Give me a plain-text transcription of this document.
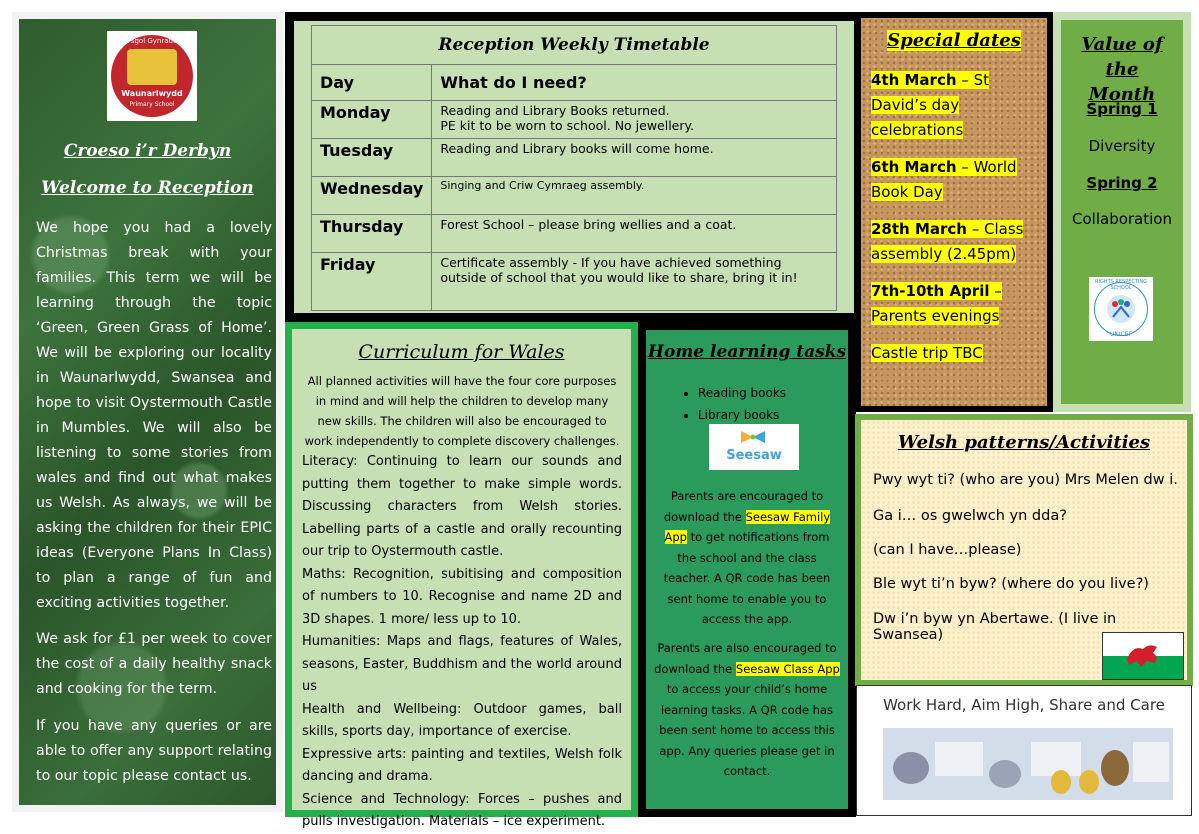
Ysgol Gynradd
Waunarlwydd
Primary School
Croeso i’r Derbyn
Welcome to Reception
We hope you had a lovely Christmas break with your families. This term we will be learning through the topic ‘Green, Green Grass of Home’. We will be exploring our locality in Waunarlwydd, Swansea and hope to visit Oystermouth Castle in Mumbles. We will also be listening to some stories from wales and find out what makes us Welsh. As always, we will be asking the children for their EPIC ideas (Everyone Plans In Class) to plan a range of fun and exciting activities together.
We ask for £1 per week to cover the cost of a daily healthy snack and cooking for the term.
If you have any queries or are able to offer any support relating to our topic please contact us.
Reception Weekly Timetable	
Day	What do I need?
Monday	Reading and Library Books returned.
PE kit to be worn to school. No jewellery.

Tuesday	Reading and Library books will come home.
Wednesday	Singing and Criw Cymraeg assembly.
Thursday	Forest School – please bring wellies and a coat.
Friday	Certificate assembly - If you have achieved something outside of school that you would like to share, bring it in!
Special dates
4th March – St David’s day celebrations
6th March – World Book Day
28th March – Class assembly (2.45pm)
7th-10th April – Parents evenings
Castle trip TBC
Value of the Month
Spring 1
Diversity
Spring 2
Collaboration
RIGHTS RESPECTING SCHOOL
UNICEF
Curriculum for Wales
All planned activities will have the four core purposes in mind and will help the children to develop many new skills. The children will also be encouraged to work independently to complete discovery challenges.
Literacy: Continuing to learn our sounds and putting them together to make simple words. Discussing characters from Welsh stories. Labelling parts of a castle and orally recounting our trip to Oystermouth castle.
Maths: Recognition, subitising and composition of numbers to 10. Recognise and name 2D and 3D shapes. 1 more/ less up to 10.
Humanities: Maps and flags, features of Wales, seasons, Easter, Buddhism and the world around us
Health and Wellbeing: Outdoor games, ball skills, sports day, importance of exercise.
Expressive arts: painting and textiles, Welsh folk dancing and drama.
Science and Technology: Forces – pushes and pulls investigation. Materials – ice experiment.
Home learning tasks
• Reading books
• Library books
Seesaw
Parents are encouraged to download the Seesaw Family App to get notifications from the school and the class teacher. A QR code has been sent home to enable you to access the app.
Parents are also encouraged to download the Seesaw Class App to access your child’s home learning tasks. A QR code has been sent home to access this app. Any queries please get in contact.
Welsh patterns/Activities
Pwy wyt ti? (who are you) Mrs Melen dw i.
Ga i… os gwelwch yn dda?
(can I have…please)
Ble wyt ti’n byw? (where do you live?)
Dw i’n byw yn Abertawe. (I live in Swansea)
Work Hard, Aim High, Share and Care
